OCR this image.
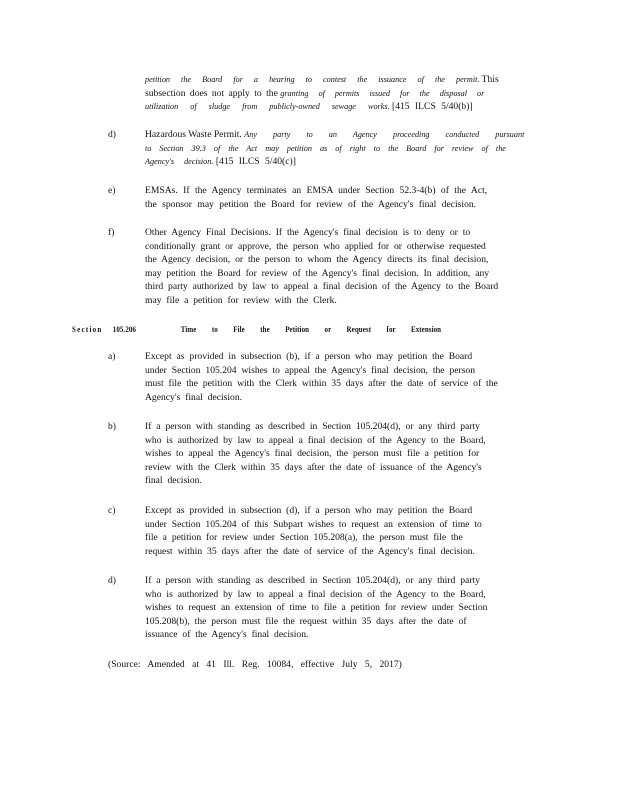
petition the Board for a hearing to contest the issuance of the permit. This
subsection does not apply to the granting of permits issued for the disposal or
utilization of sludge from publicly-owned sewage works. [415 ILCS 5/40(b)]
d)	Hazardous Waste Permit. Any party to an Agency proceeding conducted pursuant
to Section 39.3 of the Act may petition as of right to the Board for review of the
Agency's decision. [415 ILCS 5/40(c)]
e)	EMSAs. If the Agency terminates an EMSA under Section 52.3-4(b) of the Act,
the sponsor may petition the Board for review of the Agency's final decision.
f)	Other Agency Final Decisions. If the Agency's final decision is to deny or to
conditionally grant or approve, the person who applied for or otherwise requested
the Agency decision, or the person to whom the Agency directs its final decision,
may petition the Board for review of the Agency's final decision. In addition, any
third party authorized by law to appeal a final decision of the Agency to the Board
may file a petition for review with the Clerk.
Section 105.206	Time to File the Petition or Request for Extension
a)	Except as provided in subsection (b), if a person who may petition the Board
under Section 105.204 wishes to appeal the Agency's final decision, the person
must file the petition with the Clerk within 35 days after the date of service of the
Agency's final decision.
b)	If a person with standing as described in Section 105.204(d), or any third party
who is authorized by law to appeal a final decision of the Agency to the Board,
wishes to appeal the Agency's final decision, the person must file a petition for
review with the Clerk within 35 days after the date of issuance of the Agency's
final decision.
c)	Except as provided in subsection (d), if a person who may petition the Board
under Section 105.204 of this Subpart wishes to request an extension of time to
file a petition for review under Section 105.208(a), the person must file the
request within 35 days after the date of service of the Agency's final decision.
d)	If a person with standing as described in Section 105.204(d), or any third party
who is authorized by law to appeal a final decision of the Agency to the Board,
wishes to request an extension of time to file a petition for review under Section
105.208(b), the person must file the request within 35 days after the date of
issuance of the Agency's final decision.
(Source: Amended at 41 Ill. Reg. 10084, effective July 5, 2017)
